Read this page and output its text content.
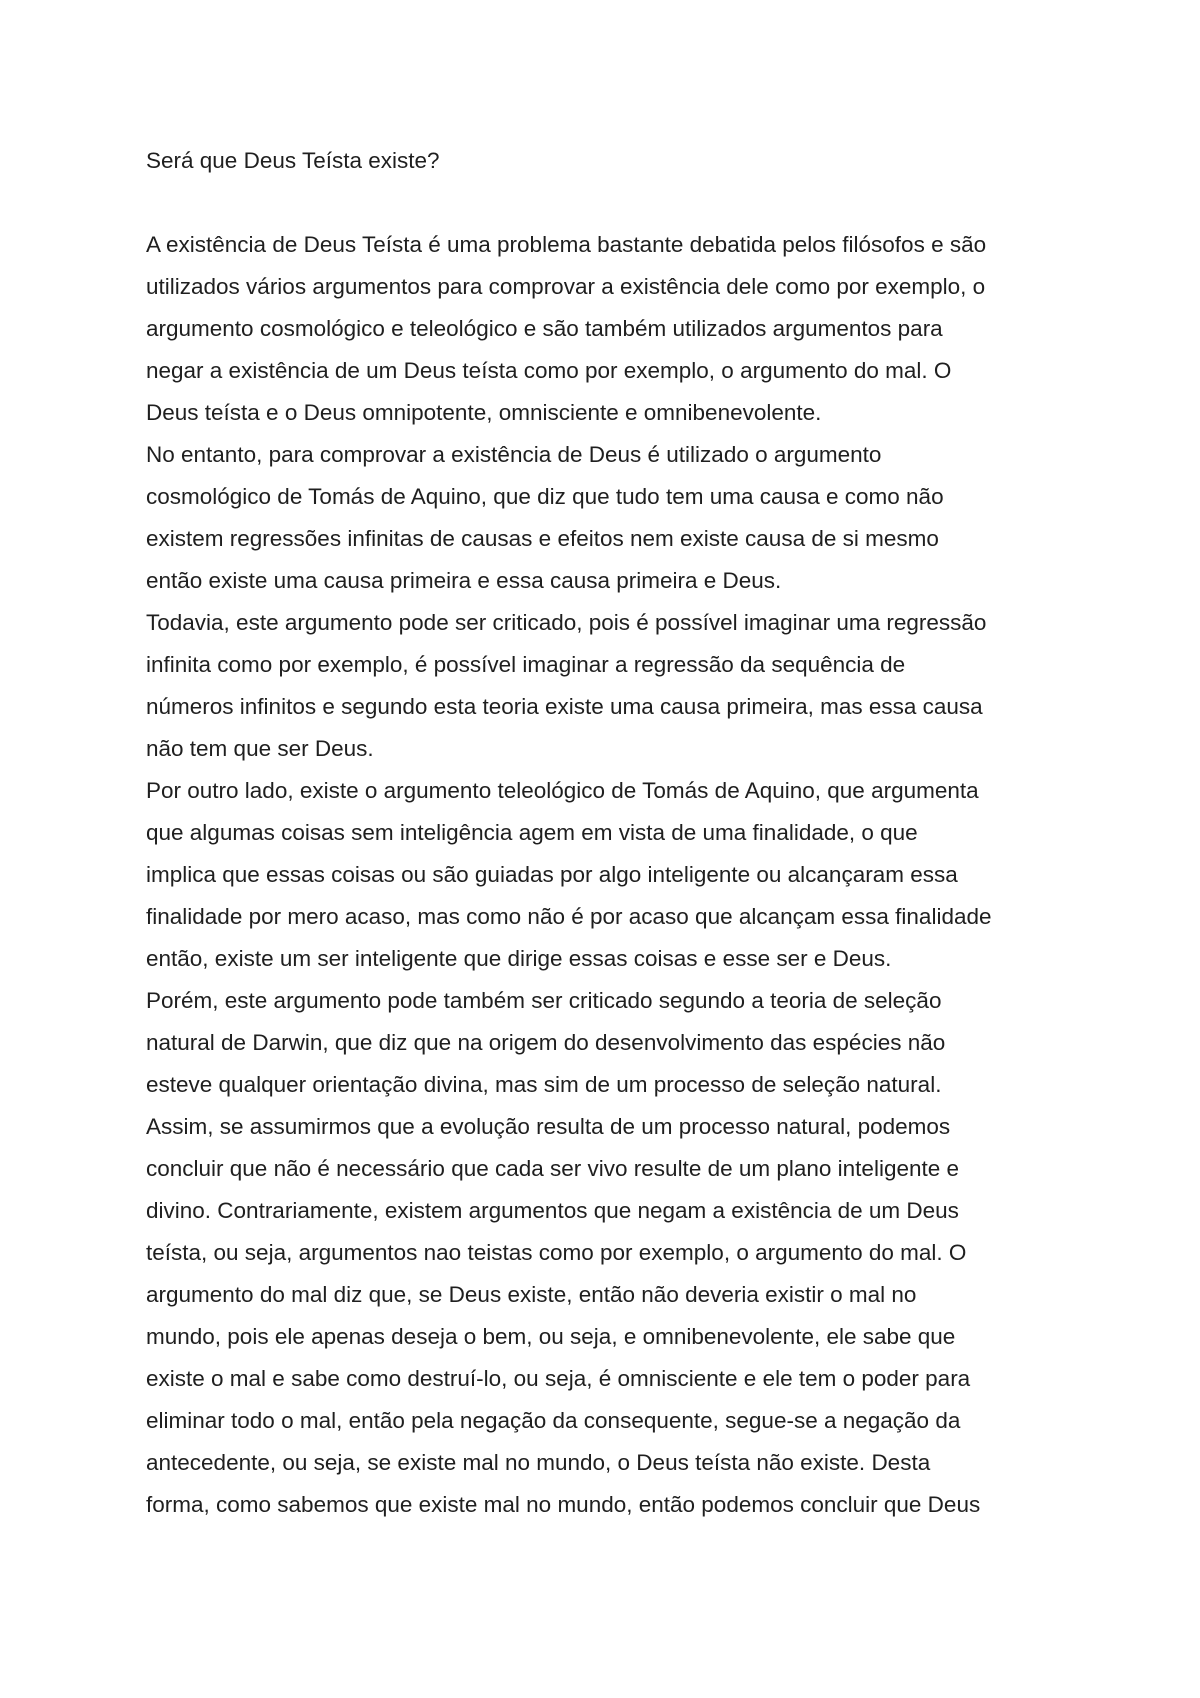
Será que Deus Teísta existe?
A existência de Deus Teísta é uma problema bastante debatida pelos filósofos e são
utilizados vários argumentos para comprovar a existência dele como por exemplo, o
argumento cosmológico e teleológico e são também utilizados argumentos para
negar a existência de um Deus teísta como por exemplo, o argumento do mal. O
Deus teísta e o Deus omnipotente, omnisciente e omnibenevolente.
No entanto, para comprovar a existência de Deus é utilizado o argumento
cosmológico de Tomás de Aquino, que diz que tudo tem uma causa e como não
existem regressões infinitas de causas e efeitos nem existe causa de si mesmo
então existe uma causa primeira e essa causa primeira e Deus.
Todavia, este argumento pode ser criticado, pois é possível imaginar uma regressão
infinita como por exemplo, é possível imaginar a regressão da sequência de
números infinitos e segundo esta teoria existe uma causa primeira, mas essa causa
não tem que ser Deus.
Por outro lado, existe o argumento teleológico de Tomás de Aquino, que argumenta
que algumas coisas sem inteligência agem em vista de uma finalidade, o que
implica que essas coisas ou são guiadas por algo inteligente ou alcançaram essa
finalidade por mero acaso, mas como não é por acaso que alcançam essa finalidade
então, existe um ser inteligente que dirige essas coisas e esse ser e Deus.
Porém, este argumento pode também ser criticado segundo a teoria de seleção
natural de Darwin, que diz que na origem do desenvolvimento das espécies não
esteve qualquer orientação divina, mas sim de um processo de seleção natural.
Assim, se assumirmos que a evolução resulta de um processo natural, podemos
concluir que não é necessário que cada ser vivo resulte de um plano inteligente e
divino. Contrariamente, existem argumentos que negam a existência de um Deus
teísta, ou seja, argumentos nao teistas como por exemplo, o argumento do mal. O
argumento do mal diz que, se Deus existe, então não deveria existir o mal no
mundo, pois ele apenas deseja o bem, ou seja, e omnibenevolente, ele sabe que
existe o mal e sabe como destruí-lo, ou seja, é omnisciente e ele tem o poder para
eliminar todo o mal, então pela negação da consequente, segue-se a negação da
antecedente, ou seja, se existe mal no mundo, o Deus teísta não existe. Desta
forma, como sabemos que existe mal no mundo, então podemos concluir que Deus
